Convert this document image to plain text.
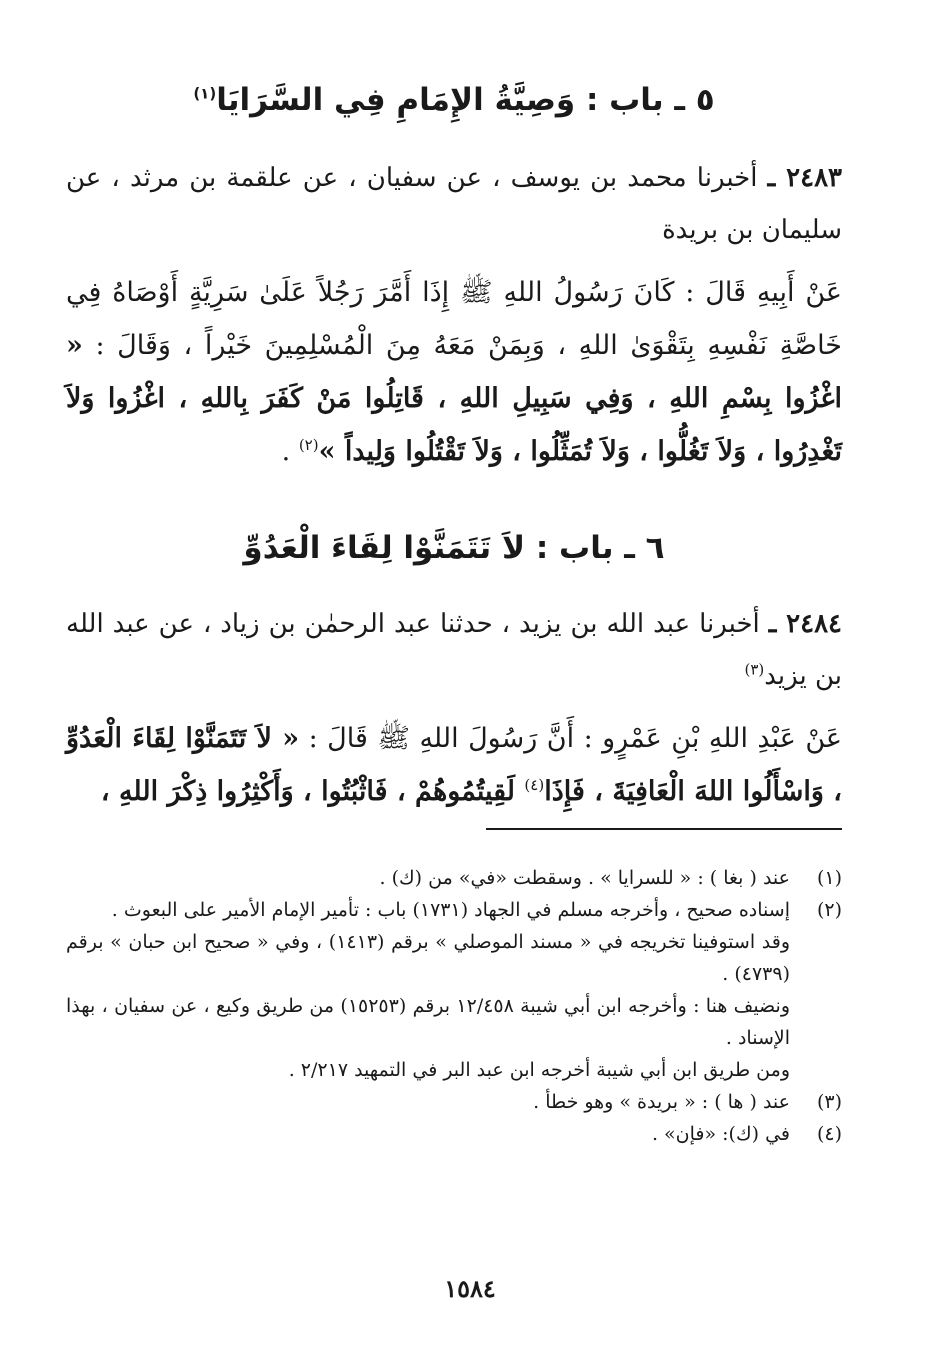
٥ ـ باب : وَصِيَّةُ الإِمَامِ فِي السَّرَايَا$^{(١)}$
٢٤٨٣ ـ أخبرنا محمد بن يوسف ، عن سفيان ، عن علقمة بن مرثد ، عن سليمان بن بريدة
عَنْ أَبِيهِ قَالَ : كَانَ رَسُولُ اللهِ ﷺ إِذَا أَمَّرَ رَجُلاً عَلَىٰ سَرِيَّةٍ أَوْصَاهُ فِي خَاصَّةِ نَفْسِهِ بِتَقْوَىٰ اللهِ ، وَبِمَنْ مَعَهُ مِنَ الْمُسْلِمِينَ خَيْراً ، وَقَالَ : « اغْزُوا بِسْمِ اللهِ ، وَفِي سَبِيلِ اللهِ ، قَاتِلُوا مَنْ كَفَرَ بِاللهِ ، اغْزُوا وَلاَ تَغْدِرُوا ، وَلاَ تَغُلُّوا ، وَلاَ تُمَثِّلُوا ، وَلاَ تَقْتُلُوا وَلِيداً »$^{(٢)}$ .
٦ ـ باب : لاَ تَتَمَنَّوْا لِقَاءَ الْعَدُوِّ
٢٤٨٤ ـ أخبرنا عبد الله بن يزيد ، حدثنا عبد الرحمٰن بن زياد ، عن عبد الله بن يزيد$^{(٣)}$
عَنْ عَبْدِ اللهِ بْنِ عَمْرٍو : أَنَّ رَسُولَ اللهِ ﷺ قَالَ : « لاَ تَتَمَنَّوْا لِقَاءَ الْعَدُوِّ ، وَاسْأَلُوا اللهَ الْعَافِيَةَ ، فَإِذَا$^{(٤)}$ لَقِيتُمُوهُمْ ، فَاثْبُتُوا ، وَأَكْثِرُوا ذِكْرَ اللهِ ،
(١)
عند ( بغا ) : « للسرايا » . وسقطت «في» من (ك) .
(٢)
إسناده صحيح ، وأخرجه مسلم في الجهاد (١٧٣١) باب : تأمير الإمام الأمير على البعوث .
وقد استوفينا تخريجه في « مسند الموصلي » برقم (١٤١٣) ، وفي « صحيح ابن حبان » برقم (٤٧٣٩) .
ونضيف هنا : وأخرجه ابن أبي شيبة ١٢/٤٥٨ برقم (١٥٢٥٣) من طريق وكيع ، عن سفيان ، بهذا الإسناد .
ومن طريق ابن أبي شيبة أخرجه ابن عبد البر في التمهيد ٢/٢١٧ .
(٣)
عند ( ها ) : « بريدة » وهو خطأ .
(٤)
في (ك): «فإن» .
١٥٨٤
